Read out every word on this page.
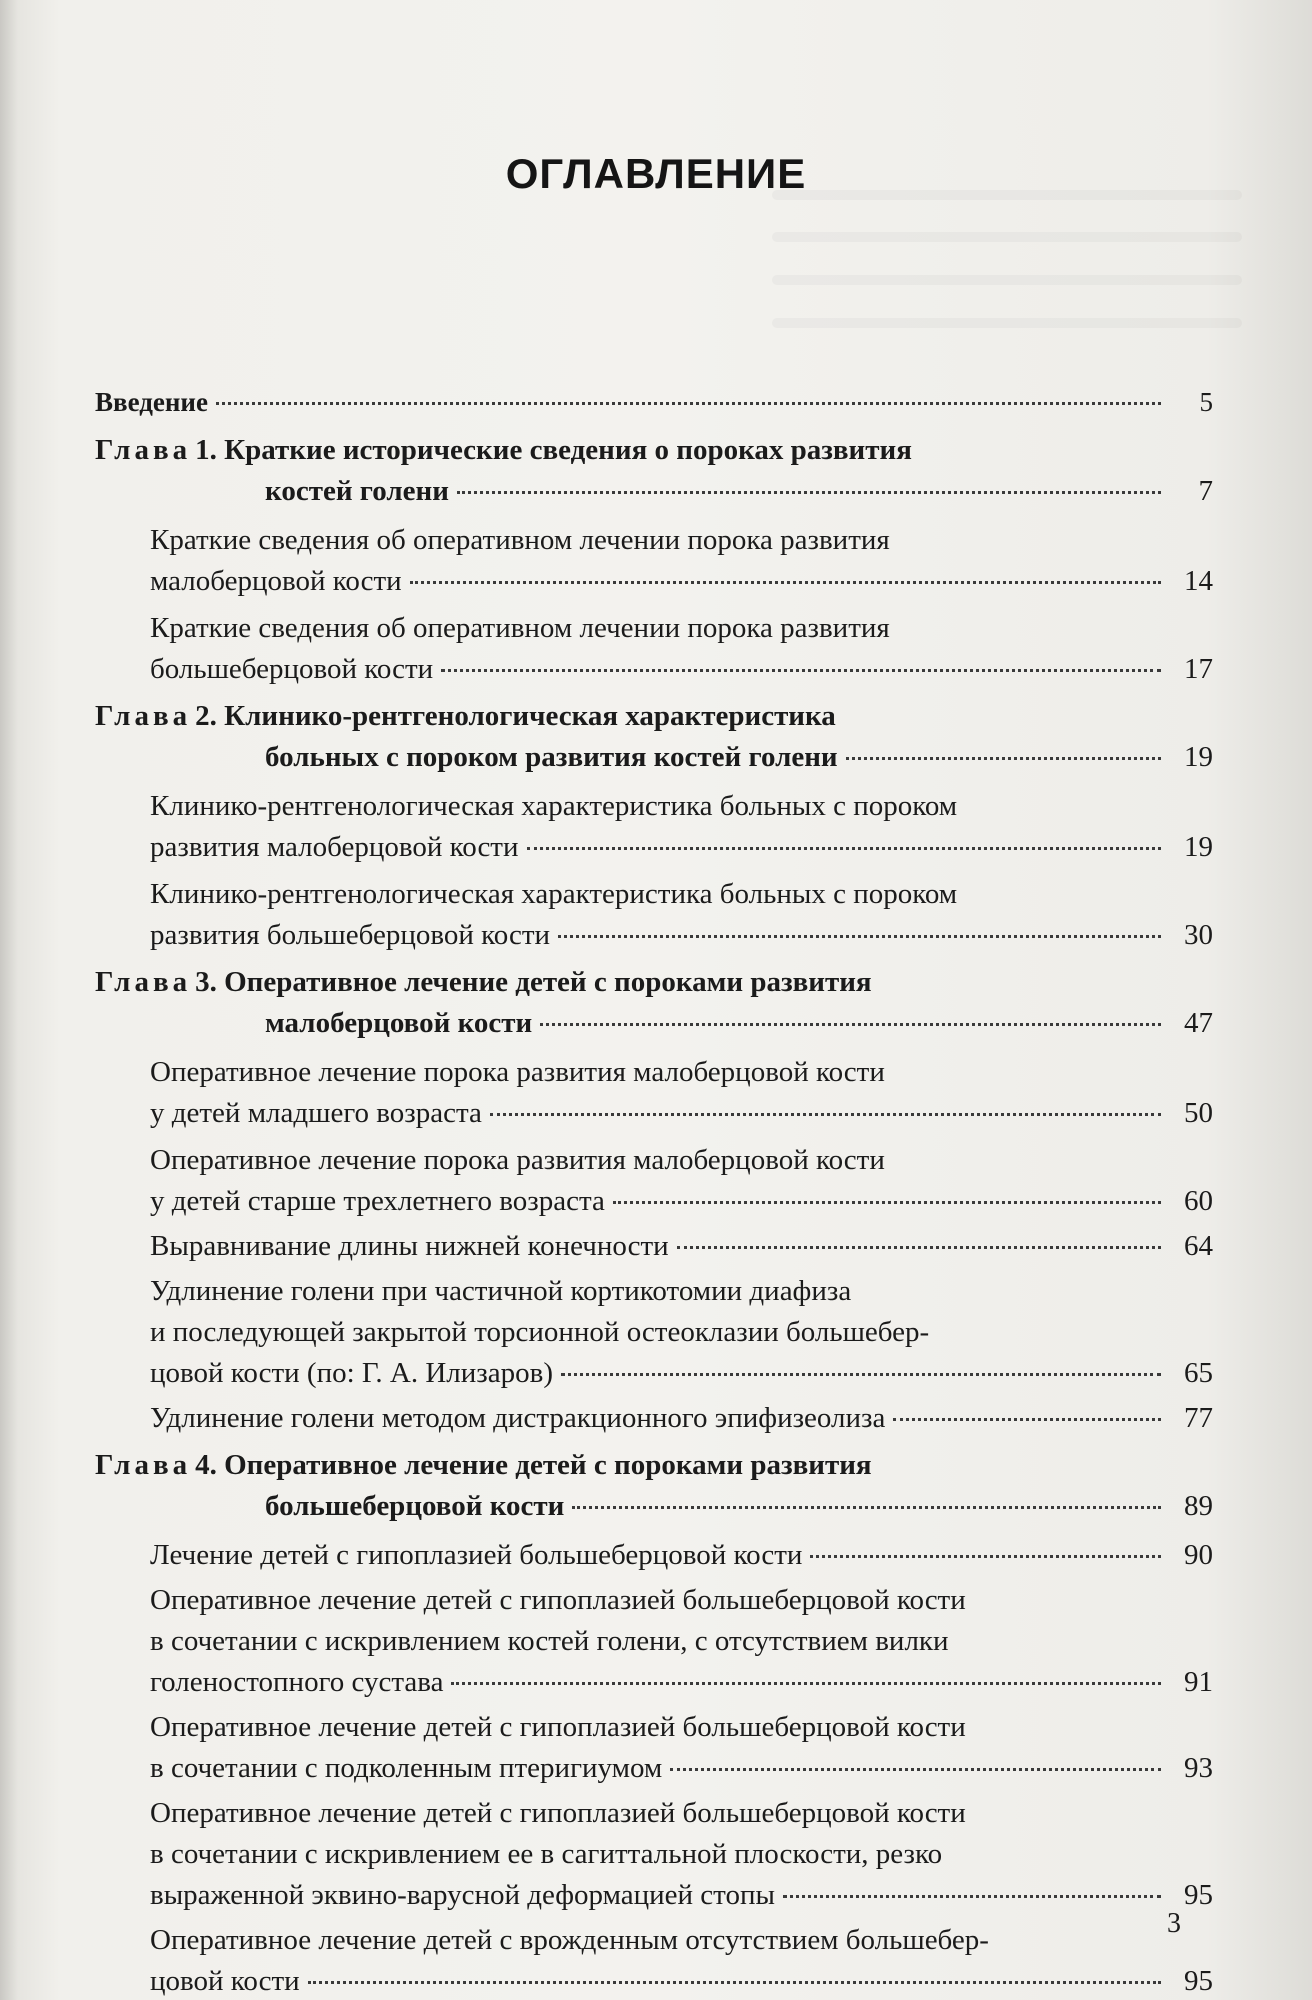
ОГЛАВЛЕНИЕ
Введение	5
Глава 1.
Краткие исторические сведения о пороках развития
костей голени	7
Краткие сведения об оперативном лечении порока развития
малоберцовой кости	14
Краткие сведения об оперативном лечении порока развития
большеберцовой кости	17
Глава 2.
Клинико-рентгенологическая характеристика
больных с пороком развития костей голени	19
Клинико-рентгенологическая характеристика больных с пороком
развития малоберцовой кости	19
Клинико-рентгенологическая характеристика больных с пороком
развития большеберцовой кости	30
Глава 3.
Оперативное лечение детей с пороками развития
малоберцовой кости	47
Оперативное лечение порока развития малоберцовой кости
у детей младшего возраста	50
Оперативное лечение порока развития малоберцовой кости
у детей старше трехлетнего возраста	60
Выравнивание длины нижней конечности	64
Удлинение голени при частичной кортикотомии диафиза
и последующей закрытой торсионной остеоклазии большебер-
цовой кости (по: Г. А. Илизаров)	65
Удлинение голени методом дистракционного эпифизеолиза	77
Глава 4.
Оперативное лечение детей с пороками развития
большеберцовой кости	89
Лечение детей с гипоплазией большеберцовой кости	90
Оперативное лечение детей с гипоплазией большеберцовой кости
в сочетании с искривлением костей голени, с отсутствием вилки
голеностопного сустава	91
Оперативное лечение детей с гипоплазией большеберцовой кости
в сочетании с подколенным птеригиумом	93
Оперативное лечение детей с гипоплазией большеберцовой кости
в сочетании с искривлением ее в сагиттальной плоскости, резко
выраженной эквино-варусной деформацией стопы	95
Оперативное лечение детей с врожденным отсутствием большебер-
цовой кости	95
3
